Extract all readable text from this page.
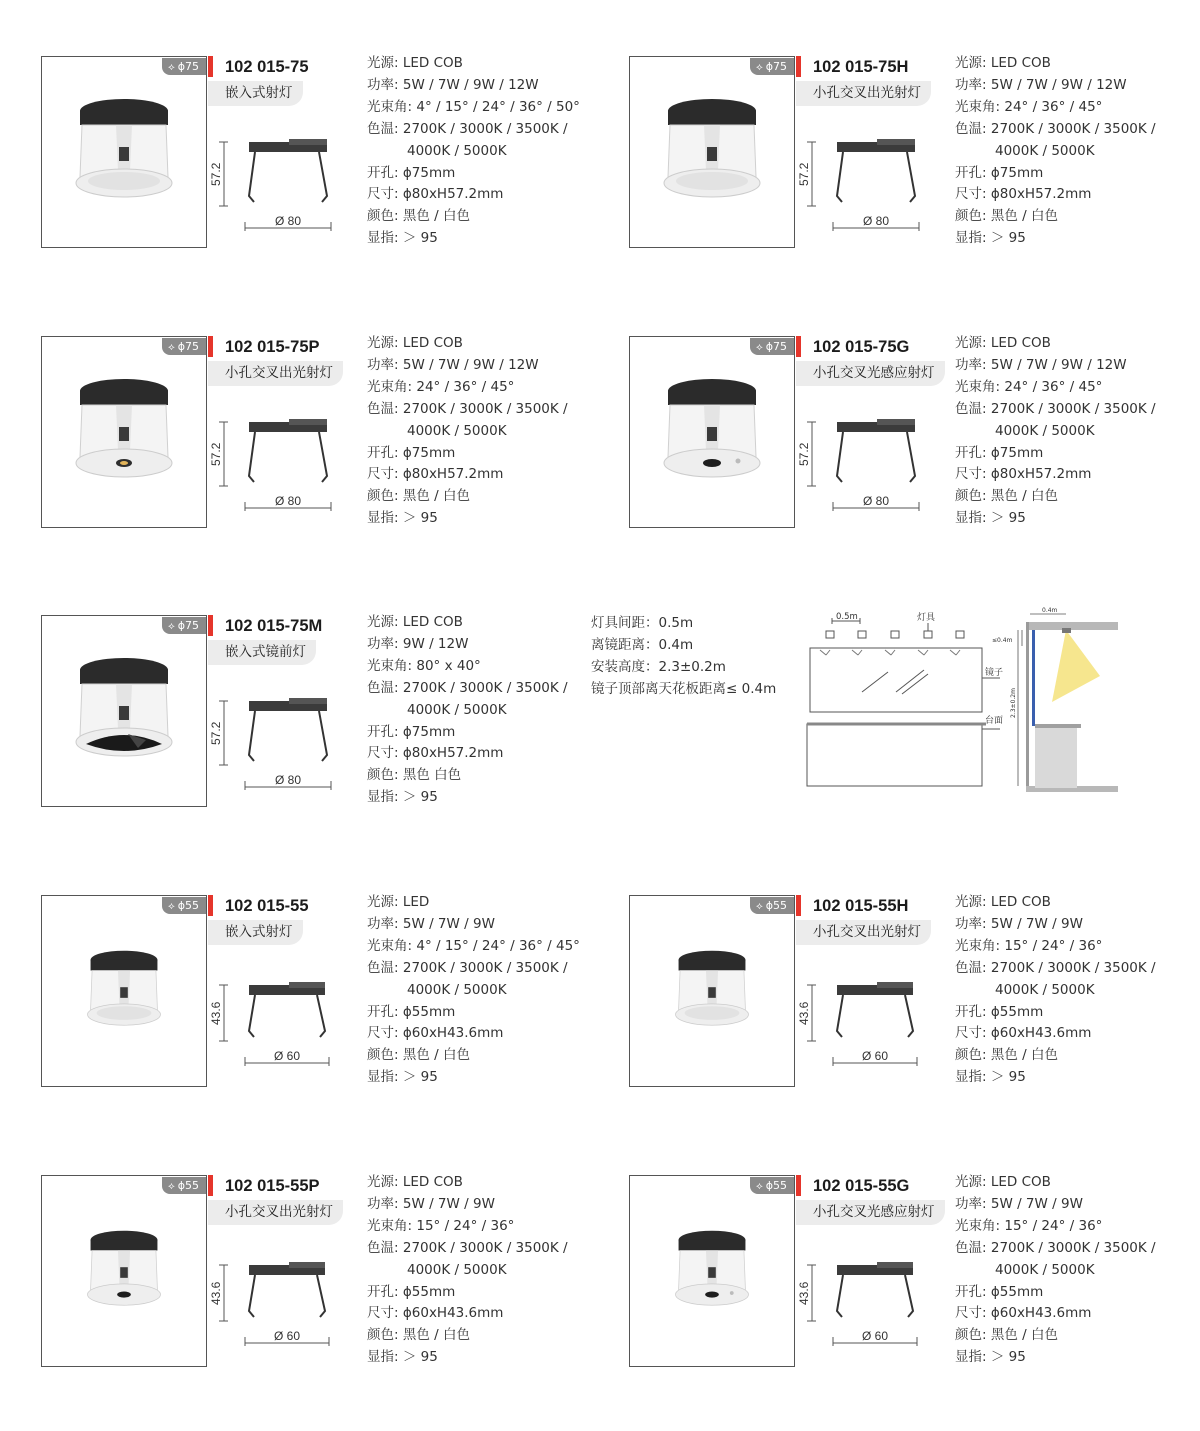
⟡ ϕ75	102 015-75
嵌入式射灯
57.2
Ø 80
光源:
LED COB
功率:
5W / 7W / 9W / 12W
光束角:
4° / 15° / 24° / 36° / 50°
色温:
2700K / 3000K / 3500K /
4000K / 5000K
开孔:
ϕ75mm
尺寸:
ϕ80xH57.2mm
颜色:
黑色 / 白色
显指:
＞ 95
⟡ ϕ75	102 015-75H
小孔交叉出光射灯
57.2
Ø 80
光源:
LED COB
功率:
5W / 7W / 9W / 12W
光束角:
24° / 36° / 45°
色温:
2700K / 3000K / 3500K /
4000K / 5000K
开孔:
ϕ75mm
尺寸:
ϕ80xH57.2mm
颜色:
黑色 / 白色
显指:
＞ 95
⟡ ϕ75	102 015-75P
小孔交叉出光射灯
57.2
Ø 80
光源:
LED COB
功率:
5W / 7W / 9W / 12W
光束角:
24° / 36° / 45°
色温:
2700K / 3000K / 3500K /
4000K / 5000K
开孔:
ϕ75mm
尺寸:
ϕ80xH57.2mm
颜色:
黑色 / 白色
显指:
＞ 95
⟡ ϕ75	102 015-75G
小孔交叉光感应射灯
57.2
Ø 80
光源:
LED COB
功率:
5W / 7W / 9W / 12W
光束角:
24° / 36° / 45°
色温:
2700K / 3000K / 3500K /
4000K / 5000K
开孔:
ϕ75mm
尺寸:
ϕ80xH57.2mm
颜色:
黑色 / 白色
显指:
＞ 95
⟡ ϕ75	102 015-75M
嵌入式镜前灯
57.2
Ø 80
光源:
LED COB
功率:
9W / 12W
光束角:
80° x 40°
色温:
2700K / 3000K / 3500K /
4000K / 5000K
开孔:
ϕ75mm
尺寸:
ϕ80xH57.2mm
颜色:
黑色 白色
显指:
＞ 95
⟡ ϕ55	102 015-55
嵌入式射灯
43.6
Ø 60
光源:
LED
功率:
5W / 7W / 9W
光束角:
4° / 15° / 24° / 36° / 45°
色温:
2700K / 3000K / 3500K /
4000K / 5000K
开孔:
ϕ55mm
尺寸:
ϕ60xH43.6mm
颜色:
黑色 / 白色
显指:
＞ 95
⟡ ϕ55	102 015-55H
小孔交叉出光射灯
43.6
Ø 60
光源:
LED COB
功率:
5W / 7W / 9W
光束角:
15° / 24° / 36°
色温:
2700K / 3000K / 3500K /
4000K / 5000K
开孔:
ϕ55mm
尺寸:
ϕ60xH43.6mm
颜色:
黑色 / 白色
显指:
＞ 95
⟡ ϕ55	102 015-55P
小孔交叉出光射灯
43.6
Ø 60
光源:
LED COB
功率:
5W / 7W / 9W
光束角:
15° / 24° / 36°
色温:
2700K / 3000K / 3500K /
4000K / 5000K
开孔:
ϕ55mm
尺寸:
ϕ60xH43.6mm
颜色:
黑色 / 白色
显指:
＞ 95
⟡ ϕ55	102 015-55G
小孔交叉光感应射灯
43.6
Ø 60
光源:
LED COB
功率:
5W / 7W / 9W
光束角:
15° / 24° / 36°
色温:
2700K / 3000K / 3500K /
4000K / 5000K
开孔:
ϕ55mm
尺寸:
ϕ60xH43.6mm
颜色:
黑色 / 白色
显指:
＞ 95
灯具间距：0.5m
离镜距离：0.4m
安装高度：2.3±0.2m
镜子顶部离天花板距离≤ 0.4m
0.5m	灯具
镜子
台面
0.4m
≤0.4m
2.3±0.2m
